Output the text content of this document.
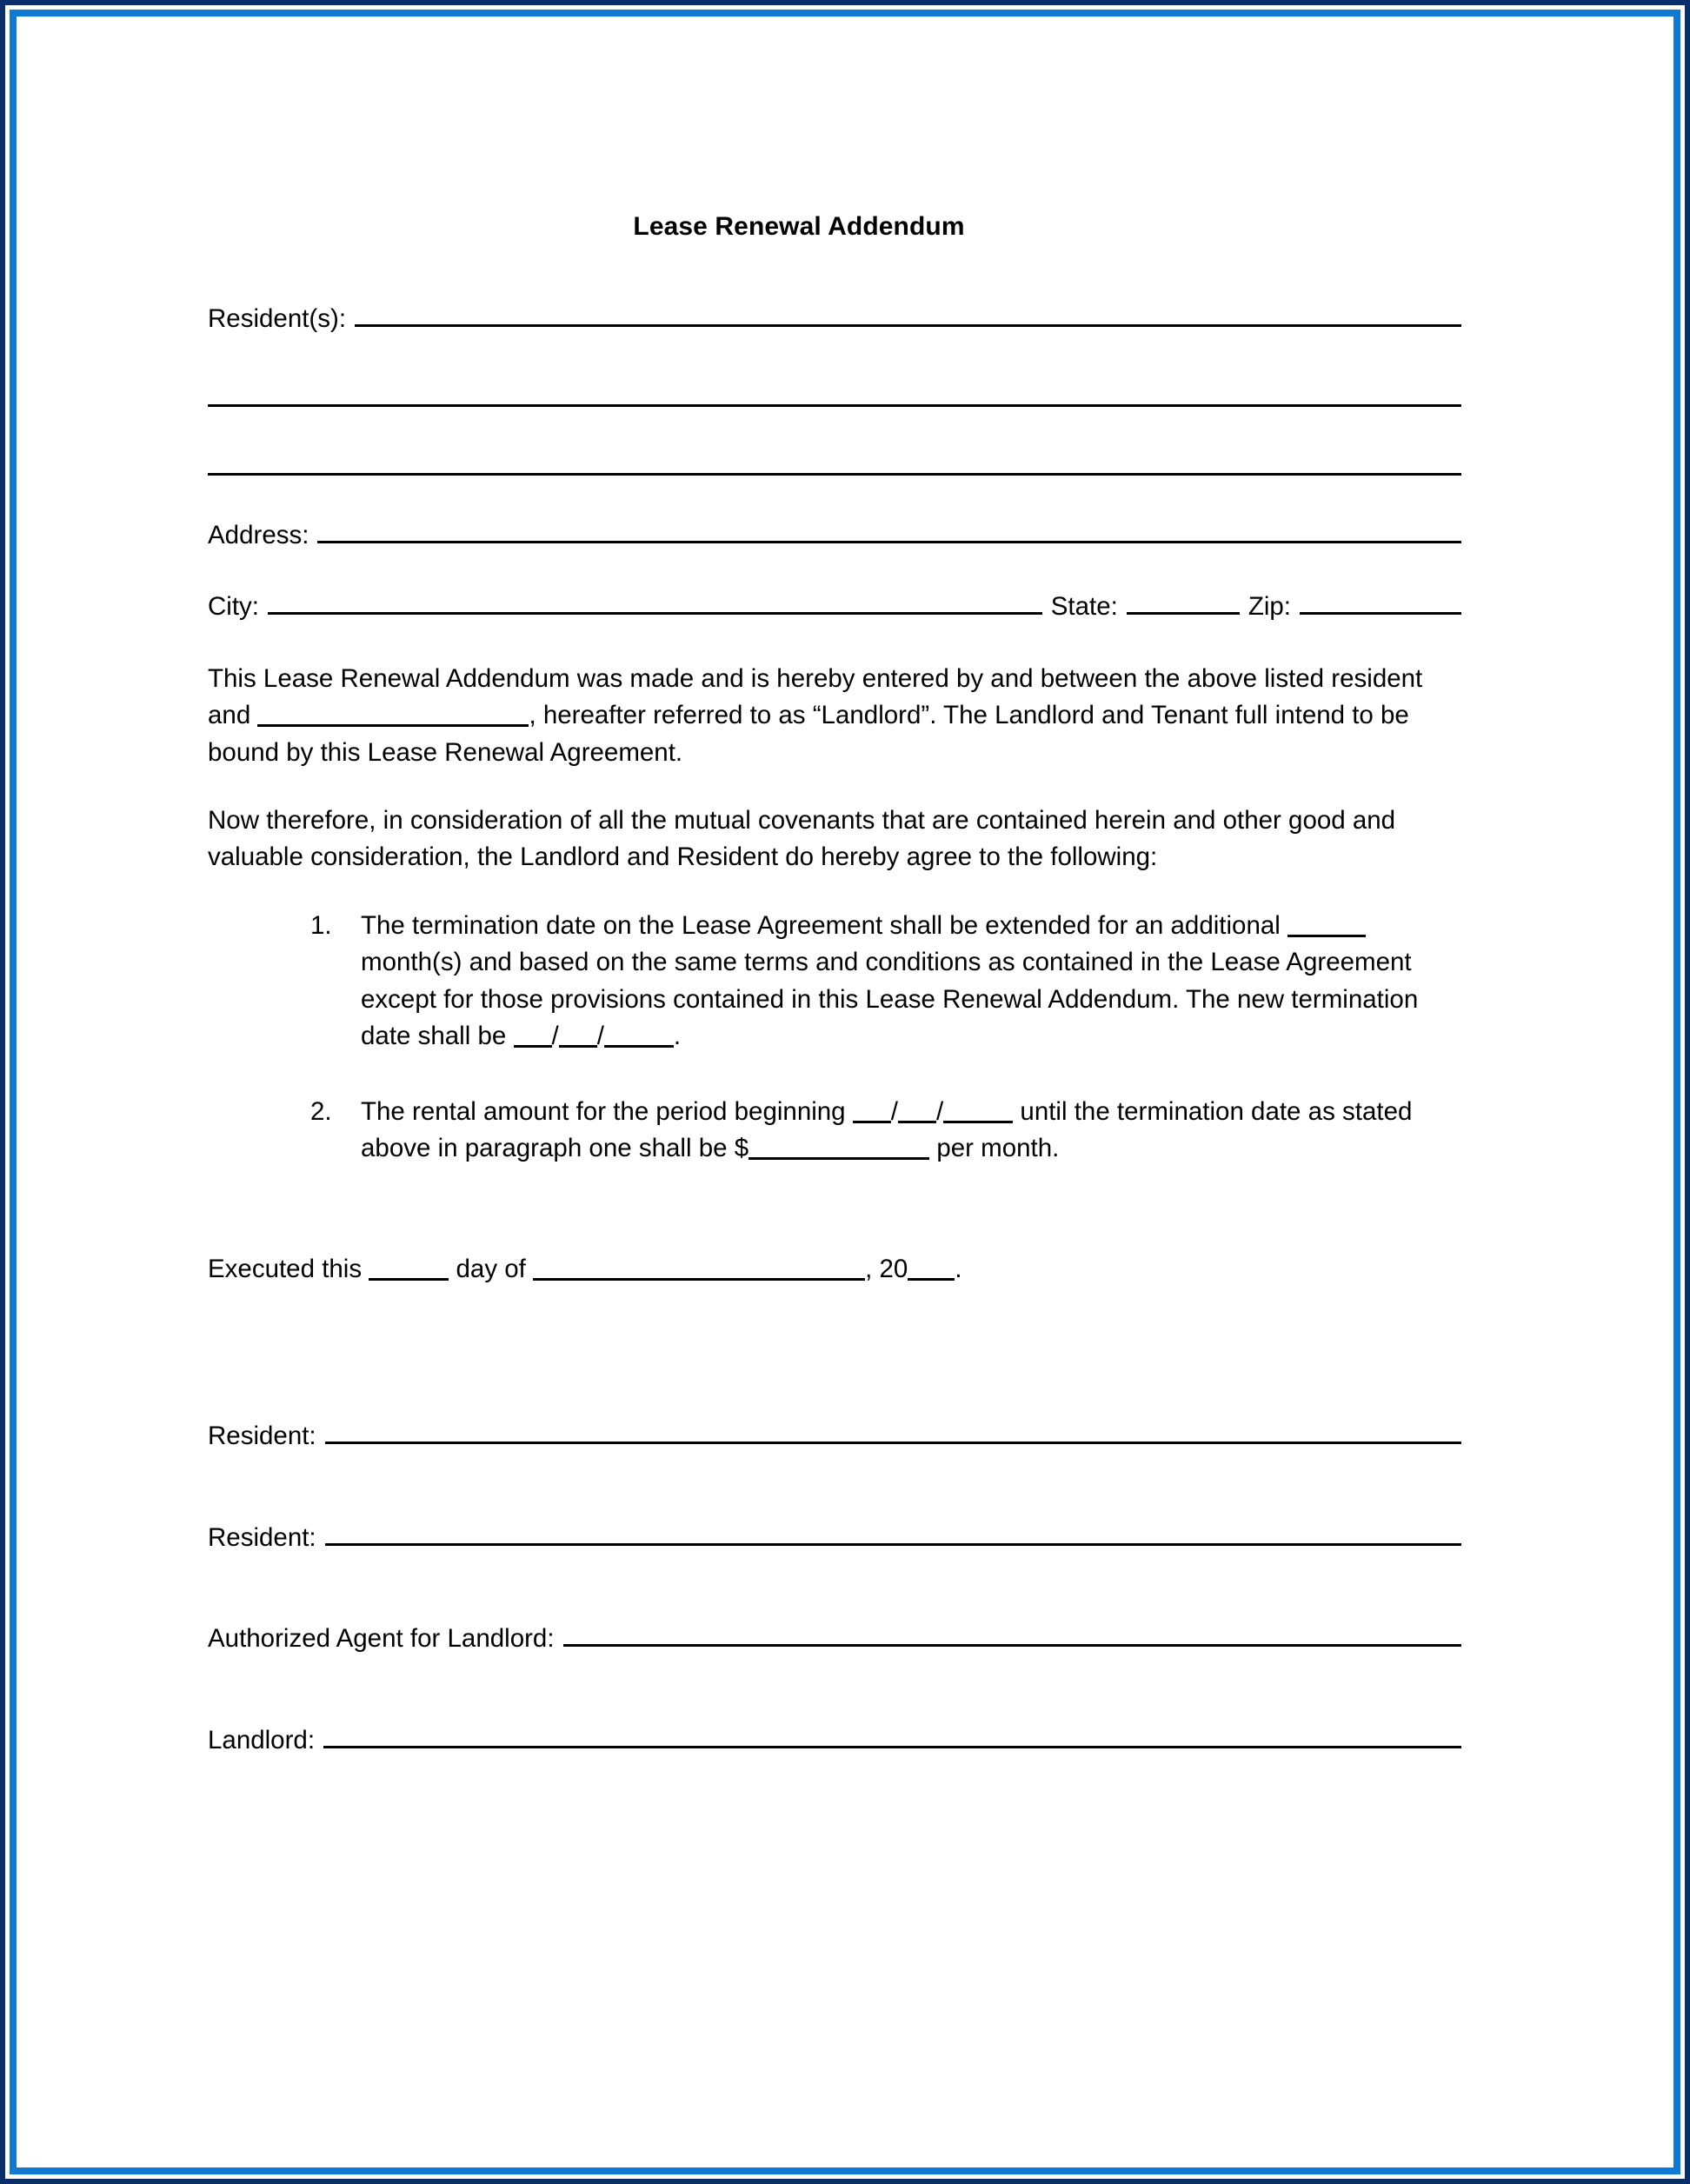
Lease Renewal Addendum
Resident(s):
Address:
City:	State:	Zip:

This Lease Renewal Addendum was made and is hereby entered by and between the above listed resident and	, hereafter referred to as “Landlord”. The Landlord and Tenant full intend to be bound by this Lease Renewal Agreement.

Now therefore, in consideration of all the mutual covenants that are contained herein and other good and valuable consideration, the Landlord and Resident do hereby agree to the following:

The termination date on the Lease Agreement shall be extended for an additional  month(s) and based on the same terms and conditions as contained in the Lease Agreement except for those provisions contained in this Lease Renewal Addendum. The new termination date shall be / /	.

The rental amount for the period beginning / /	until the termination date as stated above in paragraph one shall be $	per month.

Executed this	day of	, 20 .

Resident:
Resident:
Authorized Agent for Landlord:
Landlord:
